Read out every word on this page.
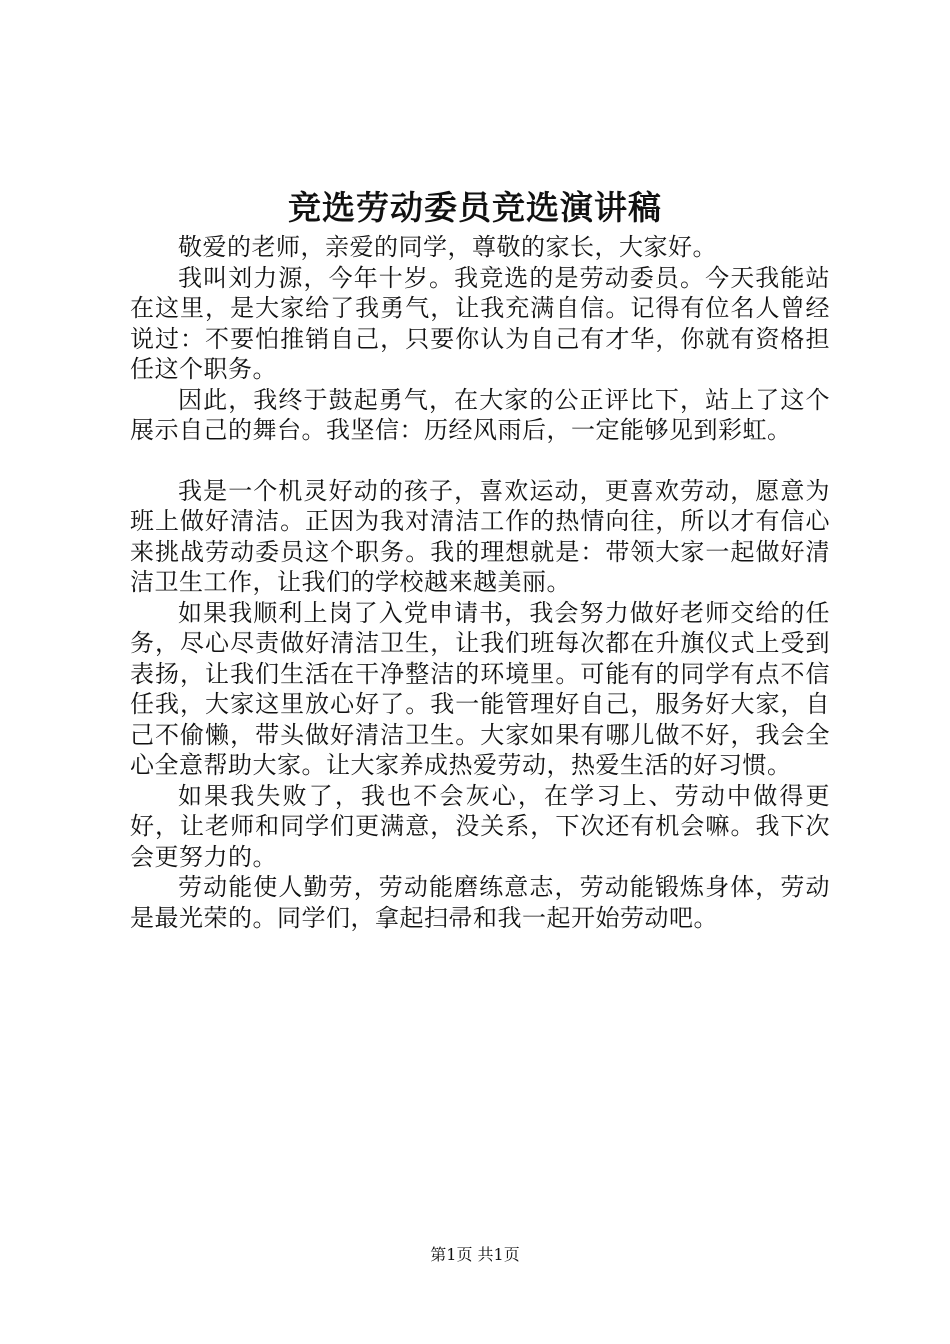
竞选劳动委员竞选演讲稿

敬爱的老师，亲爱的同学，尊敬的家长，大家好。

我叫刘力源，今年十岁。我竞选的是劳动委员。今天我能站在这里，是大家给了我勇气，让我充满自信。记得有位名人曾经说过：不要怕推销自己，只要你认为自己有才华，你就有资格担任这个职务。

因此，我终于鼓起勇气，在大家的公正评比下，站上了这个展示自己的舞台。我坚信：历经风雨后，一定能够见到彩虹。

我是一个机灵好动的孩子，喜欢运动，更喜欢劳动，愿意为班上做好清洁。正因为我对清洁工作的热情向往，所以才有信心来挑战劳动委员这个职务。我的理想就是：带领大家一起做好清洁卫生工作，让我们的学校越来越美丽。

如果我顺利上岗了入党申请书，我会努力做好老师交给的任务，尽心尽责做好清洁卫生，让我们班每次都在升旗仪式上受到表扬，让我们生活在干净整洁的环境里。可能有的同学有点不信任我，大家这里放心好了。我一能管理好自己，服务好大家，自己不偷懒，带头做好清洁卫生。大家如果有哪儿做不好，我会全心全意帮助大家。让大家养成热爱劳动，热爱生活的好习惯。

如果我失败了，我也不会灰心，在学习上、劳动中做得更好，让老师和同学们更满意，没关系，下次还有机会嘛。我下次会更努力的。

劳动能使人勤劳，劳动能磨练意志，劳动能锻炼身体，劳动是最光荣的。同学们，拿起扫帚和我一起开始劳动吧。

第1页 共1页
